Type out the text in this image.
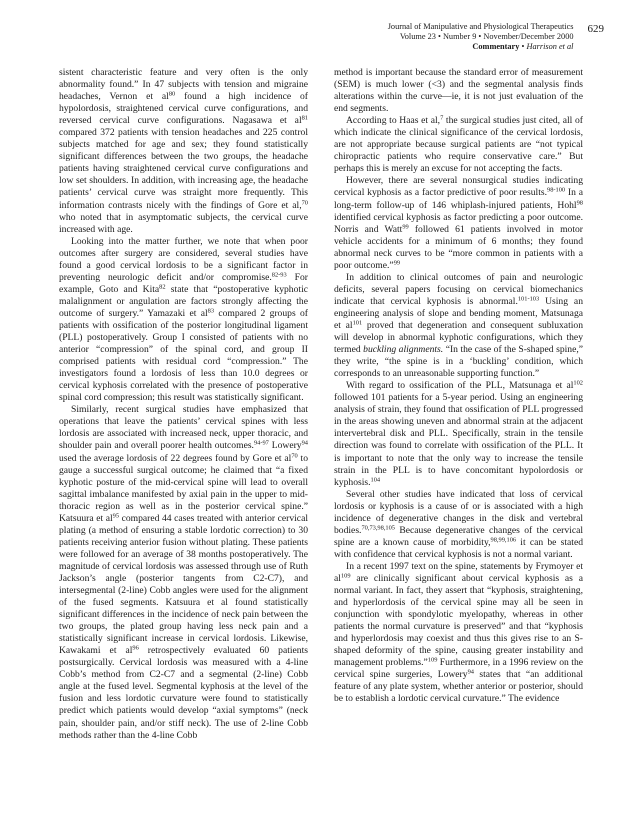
Journal of Manipulative and Physiological Therapeutics
Volume 23 • Number 9 • November/December 2000
Commentary • Harrison et al
629

sistent characteristic feature and very often is the only abnormality found.” In 47 subjects with tension and migraine headaches, Vernon et $al^{80}$ found a high incidence of hypolordosis, straightened cervical curve configurations, and reversed cervical curve configurations. Nagasawa et $al^{81}$ compared 372 patients with tension headaches and 225 control subjects matched for age and sex; they found statistically significant differences between the two groups, the headache patients having straightened cervical curve configurations and low set shoulders. In addition, with increasing age, the headache patients’ cervical curve was straight more frequently. This information contrasts nicely with the findings of Gore et al,$^{70}$ who noted that in asymptomatic subjects, the cervical curve increased with age.

Looking into the matter further, we note that when poor outcomes after surgery are considered, several studies have found a good cervical lordosis to be a significant factor in preventing neurologic deficit and/or compromise.$^{82-93}$ For example, Goto and Kita$^{82}$ state that “postoperative kyphotic malalignment or angulation are factors strongly affecting the outcome of surgery.” Yamazaki et $al^{83}$ compared 2 groups of patients with ossification of the posterior longitudinal ligament (PLL) postoperatively. Group I consisted of patients with no anterior “compression” of the spinal cord, and group II comprised patients with residual cord “compression.” The investigators found a lordosis of less than 10.0 degrees or cervical kyphosis correlated with the presence of postoperative spinal cord compression; this result was statistically significant.

Similarly, recent surgical studies have emphasized that operations that leave the patients’ cervical spines with less lordosis are associated with increased neck, upper thoracic, and shoulder pain and overall poorer health outcomes.$^{94-97}$ Lowery$^{94}$ used the average lordosis of 22 degrees found by Gore et $al^{70}$ to gauge a successful surgical outcome; he claimed that “a fixed kyphotic posture of the mid-cervical spine will lead to overall sagittal imbalance manifested by axial pain in the upper to mid-thoracic region as well as in the posterior cervical spine.” Katsuura et $al^{95}$ compared 44 cases treated with anterior cervical plating (a method of ensuring a stable lordotic correction) to 30 patients receiving anterior fusion without plating. These patients were followed for an average of 38 months postoperatively. The magnitude of cervical lordosis was assessed through use of Ruth Jackson’s angle (posterior tangents from C2-C7), and intersegmental (2-line) Cobb angles were used for the alignment of the fused segments. Katsuura et al found statistically significant differences in the incidence of neck pain between the two groups, the plated group having less neck pain and a statistically significant increase in cervical lordosis. Likewise, Kawakami et $al^{96}$ retrospectively evaluated 60 patients postsurgically. Cervical lordosis was measured with a 4-line Cobb’s method from C2-C7 and a segmental (2-line) Cobb angle at the fused level. Segmental kyphosis at the level of the fusion and less lordotic curvature were found to statistically predict which patients would develop “axial symptoms” (neck pain, shoulder pain, and/or stiff neck). The use of 2-line Cobb methods rather than the 4-line Cobb

method is important because the standard error of measurement (SEM) is much lower (<3) and the segmental analysis finds alterations within the curve—ie, it is not just evaluation of the end segments.

According to Haas et al,$^7$ the surgical studies just cited, all of which indicate the clinical significance of the cervical lordosis, are not appropriate because surgical patients are “not typical chiropractic patients who require conservative care.” But perhaps this is merely an excuse for not accepting the facts.

However, there are several nonsurgical studies indicating cervical kyphosis as a factor predictive of poor results.$^{98-100}$ In a long-term follow-up of 146 whiplash-injured patients, Hohl$^{98}$ identified cervical kyphosis as factor predicting a poor outcome. Norris and Watt$^{99}$ followed 61 patients involved in motor vehicle accidents for a minimum of 6 months; they found abnormal neck curves to be “more common in patients with a poor outcome.”$^{99}$

In addition to clinical outcomes of pain and neurologic deficits, several papers focusing on cervical biomechanics indicate that cervical kyphosis is abnormal.$^{101-103}$ Using an engineering analysis of slope and bending moment, Matsunaga et $al^{101}$ proved that degeneration and consequent subluxation will develop in abnormal kyphotic configurations, which they termed buckling alignments. “In the case of the S-shaped spine,” they write, “the spine is in a ‘buckling’ condition, which corresponds to an unreasonable supporting function.”

With regard to ossification of the PLL, Matsunaga et $al^{102}$ followed 101 patients for a 5-year period. Using an engineering analysis of strain, they found that ossification of PLL progressed in the areas showing uneven and abnormal strain at the adjacent intervertebral disk and PLL. Specifically, strain in the tensile direction was found to correlate with ossification of the PLL. It is important to note that the only way to increase the tensile strain in the PLL is to have concomitant hypolordosis or kyphosis.$^{104}$

Several other studies have indicated that loss of cervical lordosis or kyphosis is a cause of or is associated with a high incidence of degenerative changes in the disk and vertebral bodies.$^{70,73,98,105}$ Because degenerative changes of the cervical spine are a known cause of morbidity,$^{98,99,106}$ it can be stated with confidence that cervical kyphosis is not a normal variant.

In a recent 1997 text on the spine, statements by Frymoyer et $al^{109}$ are clinically significant about cervical kyphosis as a normal variant. In fact, they assert that “kyphosis, straightening, and hyperlordosis of the cervical spine may all be seen in conjunction with spondylotic myelopathy, whereas in other patients the normal curvature is preserved” and that “kyphosis and hyperlordosis may coexist and thus this gives rise to an S-shaped deformity of the spine, causing greater instability and management problems.”$^{109}$ Furthermore, in a 1996 review on the cervical spine surgeries, Lowery$^{94}$ states that “an additional feature of any plate system, whether anterior or posterior, should be to establish a lordotic cervical curvature.” The evidence
